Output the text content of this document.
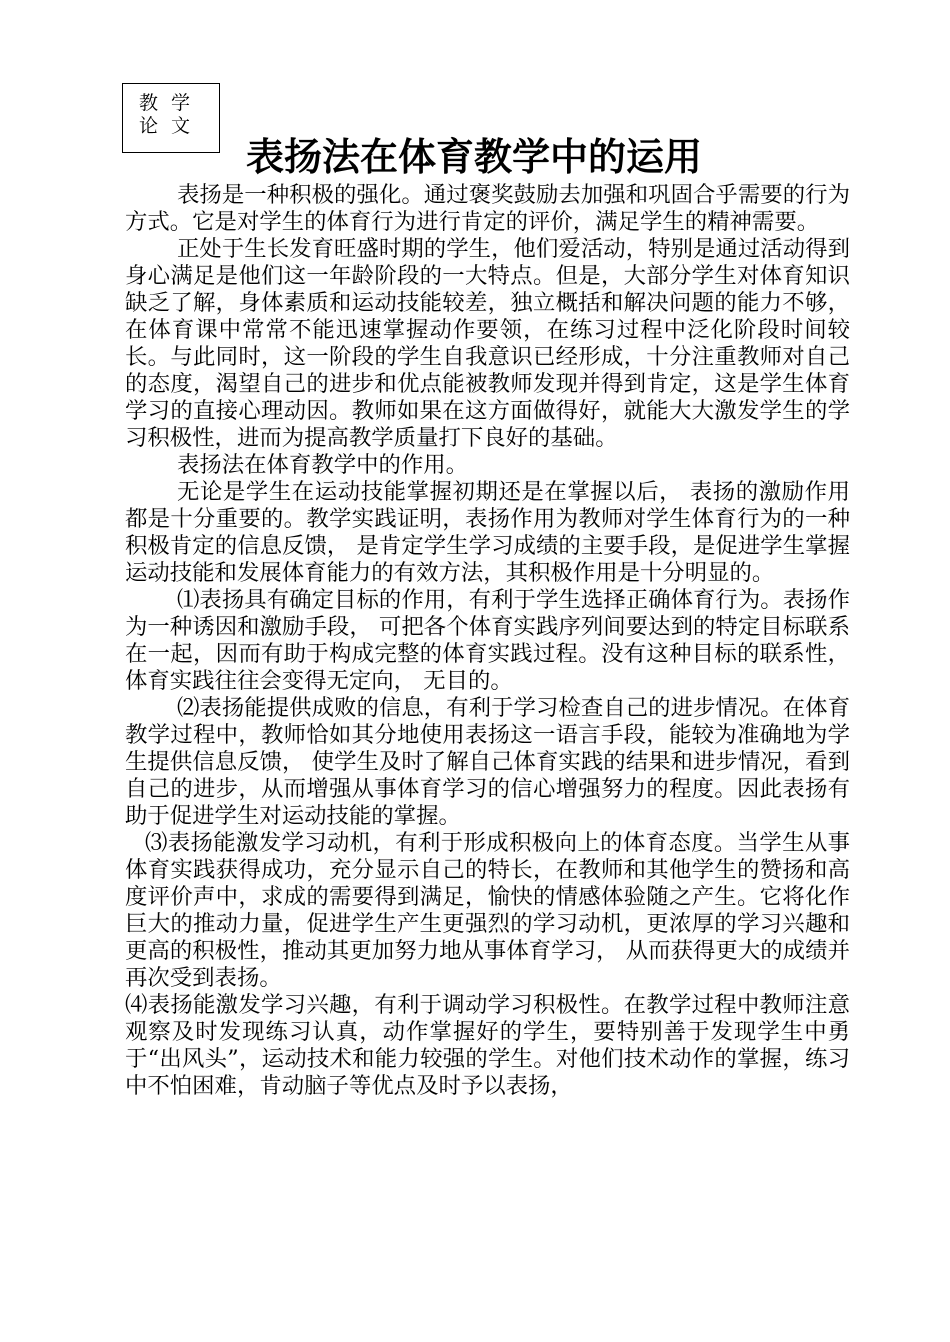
教学
论文
表扬法在体育教学中的运用

表扬是一种积极的强化。通过褒奖鼓励去加强和巩固合乎需要的行为方式。它是对学生的体育行为进行肯定的评价，满足学生的精神需要。

正处于生长发育旺盛时期的学生，他们爱活动，特别是通过活动得到身心满足是他们这一年龄阶段的一大特点。但是，大部分学生对体育知识缺乏了解，身体素质和运动技能较差，独立概括和解决问题的能力不够，在体育课中常常不能迅速掌握动作要领，在练习过程中泛化阶段时间较长。与此同时，这一阶段的学生自我意识已经形成，十分注重教师对自己的态度，渴望自己的进步和优点能被教师发现并得到肯定，这是学生体育学习的直接心理动因。教师如果在这方面做得好，就能大大激发学生的学习积极性，进而为提高教学质量打下良好的基础。

表扬法在体育教学中的作用。

无论是学生在运动技能掌握初期还是在掌握以后， 表扬的激励作用都是十分重要的。教学实践证明，表扬作用为教师对学生体育行为的一种积极肯定的信息反馈， 是肯定学生学习成绩的主要手段，是促进学生掌握运动技能和发展体育能力的有效方法，其积极作用是十分明显的。

⑴表扬具有确定目标的作用，有利于学生选择正确体育行为。表扬作为一种诱因和激励手段， 可把各个体育实践序列间要达到的特定目标联系在一起，因而有助于构成完整的体育实践过程。没有这种目标的联系性， 体育实践往往会变得无定向， 无目的。

⑵表扬能提供成败的信息，有利于学习检查自己的进步情况。在体育教学过程中，教师恰如其分地使用表扬这一语言手段，能较为准确地为学生提供信息反馈， 使学生及时了解自己体育实践的结果和进步情况，看到自己的进步，从而增强从事体育学习的信心增强努力的程度。因此表扬有助于促进学生对运动技能的掌握。

⑶表扬能激发学习动机，有利于形成积极向上的体育态度。当学生从事体育实践获得成功，充分显示自己的特长，在教师和其他学生的赞扬和高度评价声中，求成的需要得到满足，愉快的情感体验随之产生。它将化作巨大的推动力量，促进学生产生更强烈的学习动机，更浓厚的学习兴趣和更高的积极性，推动其更加努力地从事体育学习， 从而获得更大的成绩并再次受到表扬。

⑷表扬能激发学习兴趣，有利于调动学习积极性。在教学过程中教师注意观察及时发现练习认真，动作掌握好的学生，要特别善于发现学生中勇于“出风头”，运动技术和能力较强的学生。对他们技术动作的掌握，练习中不怕困难，肯动脑子等优点及时予以表扬，
